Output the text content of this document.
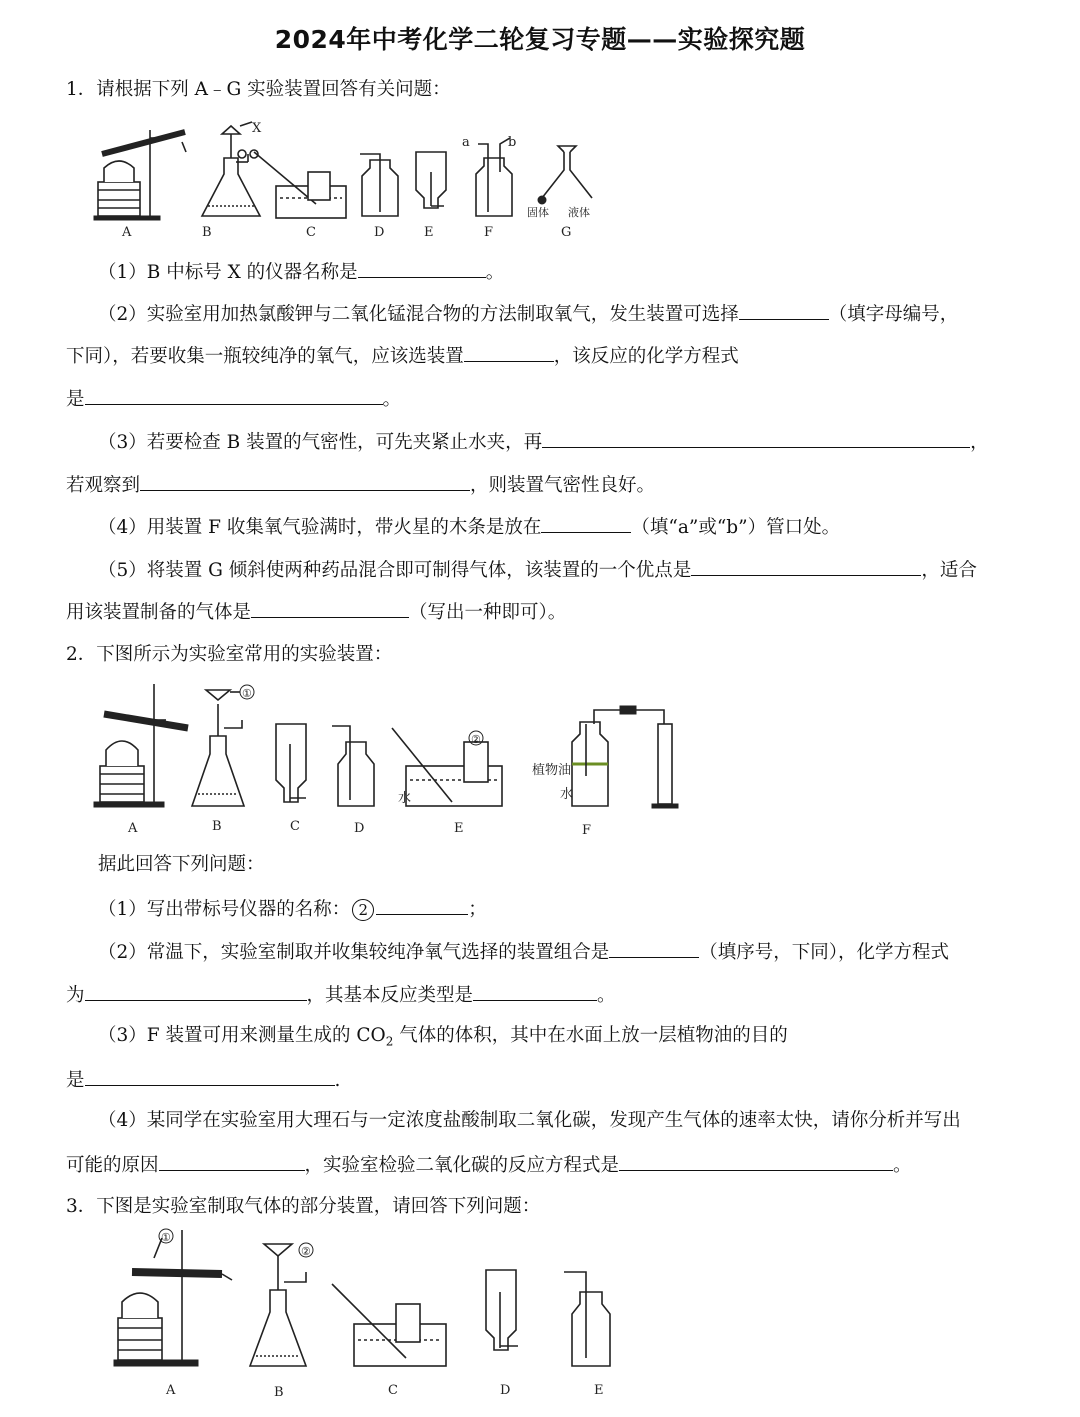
2024年中考化学二轮复习专题——实验探究题
1．请根据下列 A﹣G 实验装置回答有关问题：
X
a	b
固体 液体
A	B	C	D	E	F	G
（1）B 中标号 X 的仪器名称是	。
（2）实验室用加热氯酸钾与二氧化锰混合物的方法制取氧气，发生装置可选择	（填字母编号，
下同），若要收集一瓶较纯净的氧气，应该选装置	，该反应的化学方程式
是	。
（3）若要检查 B 装置的气密性，可先夹紧止水夹，再	，
若观察到	，则装置气密性良好。
（4）用装置 F 收集氧气验满时，带火星的木条是放在	（填“a”或“b”）管口处。
（5）将装置 G 倾斜使两种药品混合即可制得气体，该装置的一个优点是	，适合
用该装置制备的气体是	（写出一种即可）。
2．下图所示为实验室常用的实验装置：
①
②
水
植物油
水
A	B	C	D	E	F
据此回答下列问题：
（1）写出带标号仪器的名称： 2	；
（2）常温下，实验室制取并收集较纯净氧气选择的装置组合是	（填序号，下同），化学方程式
为	，其基本反应类型是	。
（3）F 装置可用来测量生成的 $CO_2$ 气体的体积，其中在水面上放一层植物油的目的
是	.
（4）某同学在实验室用大理石与一定浓度盐酸制取二氧化碳，发现产生气体的速率太快，请你分析并写出
可能的原因	，实验室检验二氧化碳的反应方程式是	。
3．下图是实验室制取气体的部分装置，请回答下列问题：
①
②
A	B	C	D	E
